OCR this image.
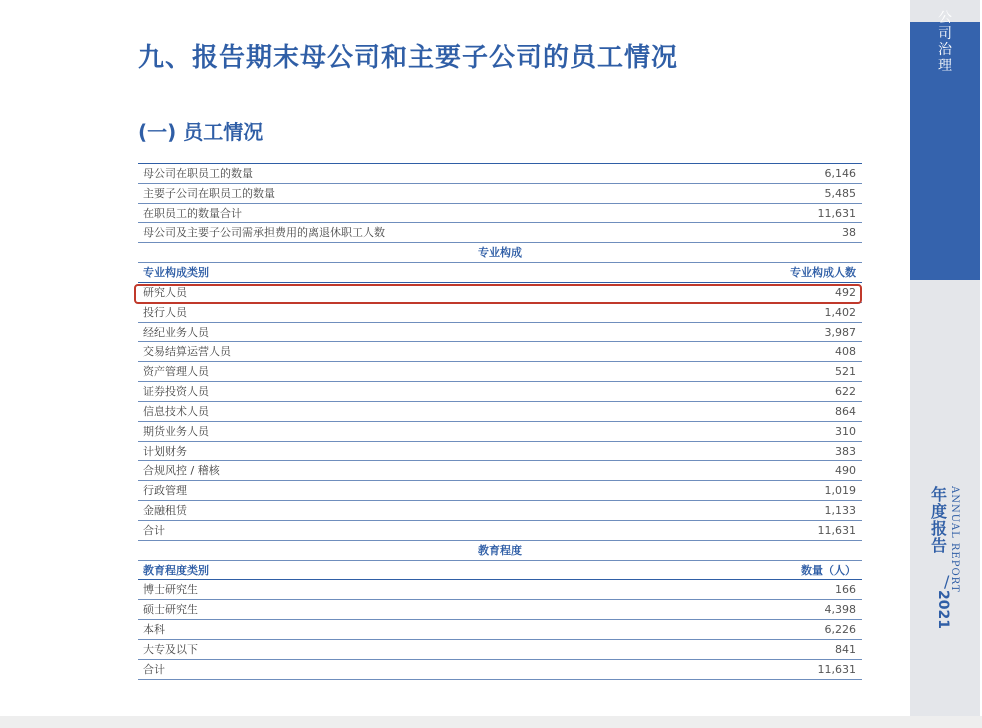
九、报告期末母公司和主要子公司的员工情况
(一) 员工情况
母公司在职员工的数量	6,146
主要子公司在职员工的数量	5,485
在职员工的数量合计	11,631
母公司及主要子公司需承担费用的离退休职工人数	38
专业构成
专业构成类别	专业构成人数
研究人员	492
投行人员	1,402
经纪业务人员	3,987
交易结算运营人员	408
资产管理人员	521
证券投资人员	622
信息技术人员	864
期货业务人员	310
计划财务	383
合规风控 / 稽核	490
行政管理	1,019
金融租赁	1,133
合计	11,631
教育程度
教育程度类别	数量（人）
博士研究生	166
硕士研究生	4,398
本科	6,226
大专及以下	841
合计	11,631
公司治理
年度报告 ANNUAL REPORT
/
2021
